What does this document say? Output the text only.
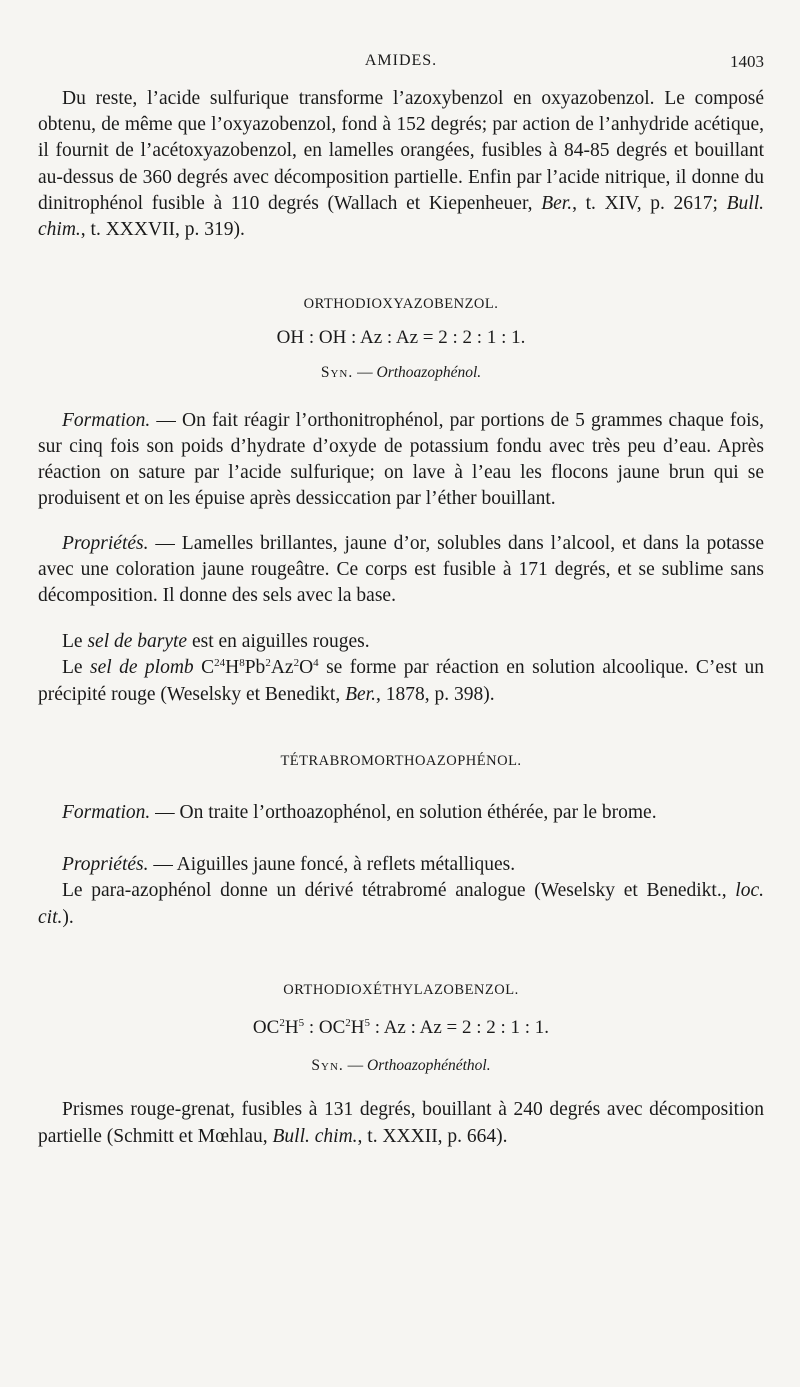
AMIDES.	1403

Du reste, l’acide sulfurique transforme l’azoxybenzol en oxyazobenzol. Le composé obtenu, de même que l’oxyazobenzol, fond à 152 degrés; par action de l’anhydride acétique, il fournit de l’acétoxyazobenzol, en lamelles orangées, fusibles à 84-85 degrés et bouillant au-dessus de 360 degrés avec décomposition partielle. Enfin par l’acide nitrique, il donne du dinitrophénol fusible à 110 degrés (Wallach et Kiepenheuer, Ber., t. XIV, p. 2617; Bull. chim., t. XXXVII, p. 319).

ORTHODIOXYAZOBENZOL.

OH : OH : Az : Az = 2 : 2 : 1 : 1.

Syn. — Orthoazophénol.

Formation. — On fait réagir l’orthonitrophénol, par portions de 5 grammes chaque fois, sur cinq fois son poids d’hydrate d’oxyde de potassium fondu avec très peu d’eau. Après réaction on sature par l’acide sulfurique; on lave à l’eau les flocons jaune brun qui se produisent et on les épuise après dessiccation par l’éther bouillant.

Propriétés. — Lamelles brillantes, jaune d’or, solubles dans l’alcool, et dans la potasse avec une coloration jaune rougeâtre. Ce corps est fusible à 171 degrés, et se sublime sans décomposition. Il donne des sels avec la base.

Le sel de baryte est en aiguilles rouges.

Le sel de plomb $C^{24}H^8Pb^2Az^2O^4$ se forme par réaction en solution alcoolique. C’est un précipité rouge (Weselsky et Benedikt, Ber., 1878, p. 398).

TÉTRABROMORTHOAZOPHÉNOL.

Formation. — On traite l’orthoazophénol, en solution éthérée, par le brome.

Propriétés. — Aiguilles jaune foncé, à reflets métalliques.

Le para-azophénol donne un dérivé tétrabromé analogue (Weselsky et Benedikt., loc. cit.).

ORTHODIOXÉTHYLAZOBENZOL.

$OC^2H^5$ : $OC^2H^5$ : Az : Az = 2 : 2 : 1 : 1.

Syn. — Orthoazophénéthol.

Prismes rouge-grenat, fusibles à 131 degrés, bouillant à 240 degrés avec décomposition partielle (Schmitt et Mœhlau, Bull. chim., t. XXXII, p. 664).
